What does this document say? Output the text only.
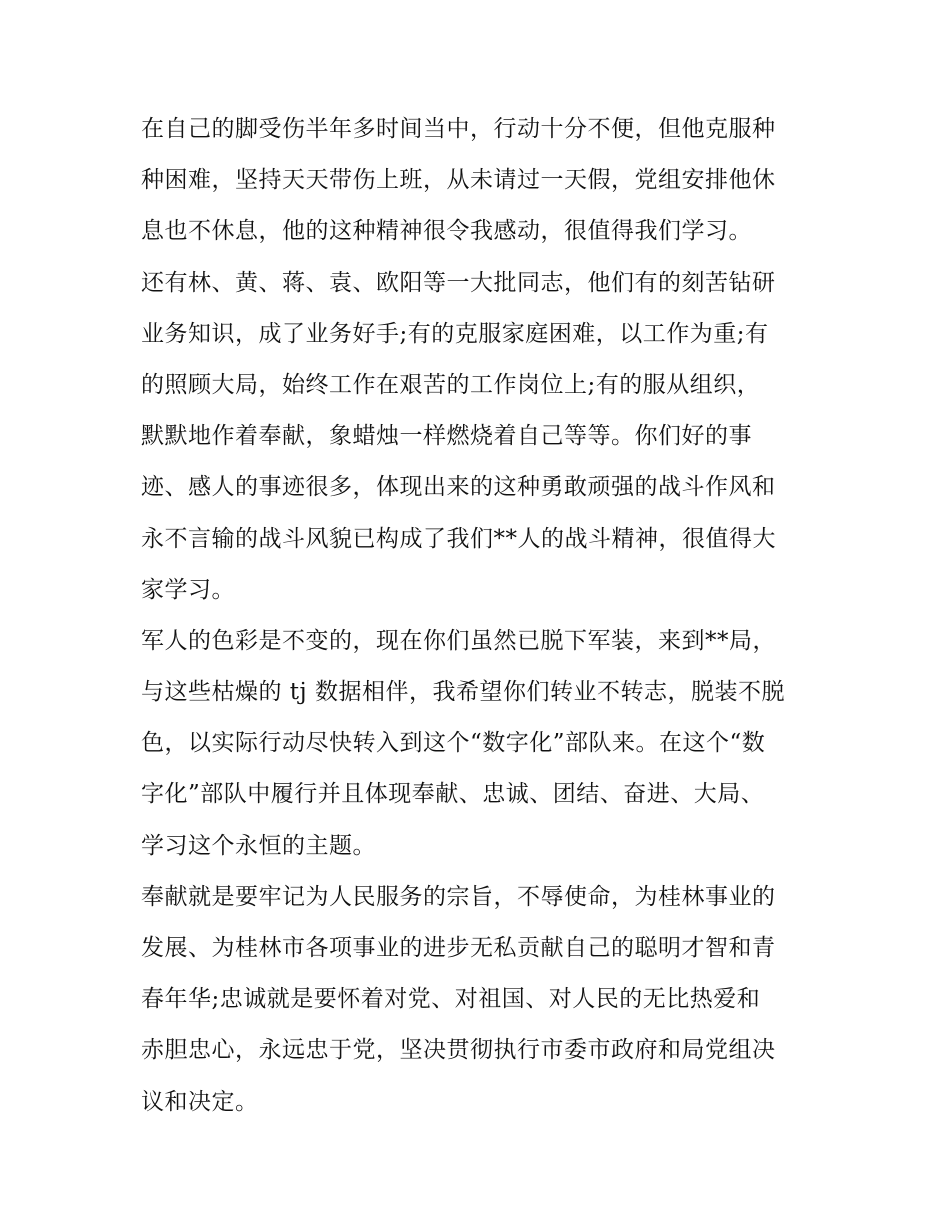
在自己的脚受伤半年多时间当中，行动十分不便，但他克服种
种困难，坚持天天带伤上班，从未请过一天假，党组安排他休
息也不休息，他的这种精神很令我感动，很值得我们学习。
还有林、黄、蒋、袁、欧阳等一大批同志，他们有的刻苦钻研
业务知识，成了业务好手;有的克服家庭困难，以工作为重;有
的照顾大局，始终工作在艰苦的工作岗位上;有的服从组织，
默默地作着奉献，象蜡烛一样燃烧着自己等等。你们好的事
迹、感人的事迹很多，体现出来的这种勇敢顽强的战斗作风和
永不言输的战斗风貌已构成了我们**人的战斗精神，很值得大
家学习。
军人的色彩是不变的，现在你们虽然已脱下军装，来到**局，
与这些枯燥的 tj 数据相伴，我希望你们转业不转志，脱装不脱
色，以实际行动尽快转入到这个“数字化”部队来。在这个“数
字化”部队中履行并且体现奉献、忠诚、团结、奋进、大局、
学习这个永恒的主题。
奉献就是要牢记为人民服务的宗旨，不辱使命，为桂林事业的
发展、为桂林市各项事业的进步无私贡献自己的聪明才智和青
春年华;忠诚就是要怀着对党、对祖国、对人民的无比热爱和
赤胆忠心，永远忠于党，坚决贯彻执行市委市政府和局党组决
议和决定。
